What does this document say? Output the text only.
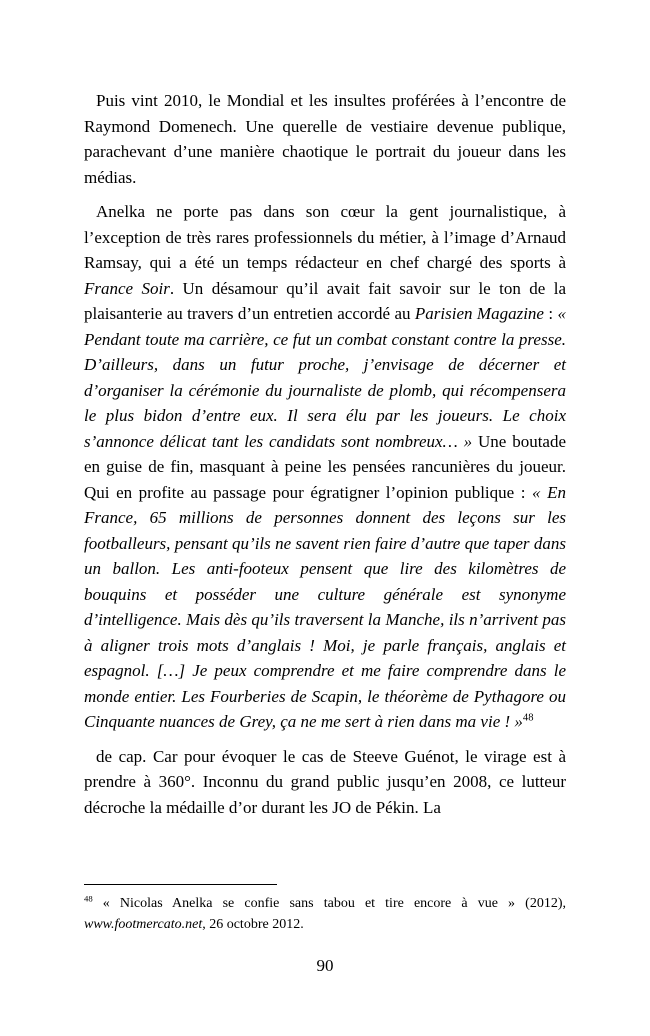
Puis vint 2010, le Mondial et les insultes proférées à l’encontre de Raymond Domenech. Une querelle de vestiaire devenue publique, parachevant d’une manière chaotique le portrait du joueur dans les médias.

Anelka ne porte pas dans son cœur la gent journalistique, à l’exception de très rares professionnels du métier, à l’image d’Arnaud Ramsay, qui a été un temps rédacteur en chef chargé des sports à France Soir. Un désamour qu’il avait fait savoir sur le ton de la plaisanterie au travers d’un entretien accordé au Parisien Magazine : « Pendant toute ma carrière, ce fut un combat constant contre la presse. D’ailleurs, dans un futur proche, j’envisage de décerner et d’organiser la cérémonie du journaliste de plomb, qui récompensera le plus bidon d’entre eux. Il sera élu par les joueurs. Le choix s’annonce délicat tant les candidats sont nombreux… » Une boutade en guise de fin, masquant à peine les pensées rancunières du joueur. Qui en profite au passage pour égratigner l’opinion publique : « En France, 65 millions de personnes donnent des leçons sur les footballeurs, pensant qu’ils ne savent rien faire d’autre que taper dans un ballon. Les anti-footeux pensent que lire des kilomètres de bouquins et posséder une culture générale est synonyme d’intelligence. Mais dès qu’ils traversent la Manche, ils n’arrivent pas à aligner trois mots d’anglais ! Moi, je parle français, anglais et espagnol. […] Je peux comprendre et me faire comprendre dans le monde entier. Les Fourberies de Scapin, le théorème de Pythagore ou Cinquante nuances de Grey, ça ne me sert à rien dans ma vie ! »$^{48}$

de cap. Car pour évoquer le cas de Steeve Guénot, le virage est à prendre à 360°. Inconnu du grand public jusqu’en 2008, ce lutteur décroche la médaille d’or durant les JO de Pékin. La

$^{48}$ « Nicolas Anelka se confie sans tabou et tire encore à vue » (2012), www.footmercato.net, 26 octobre 2012.
90
